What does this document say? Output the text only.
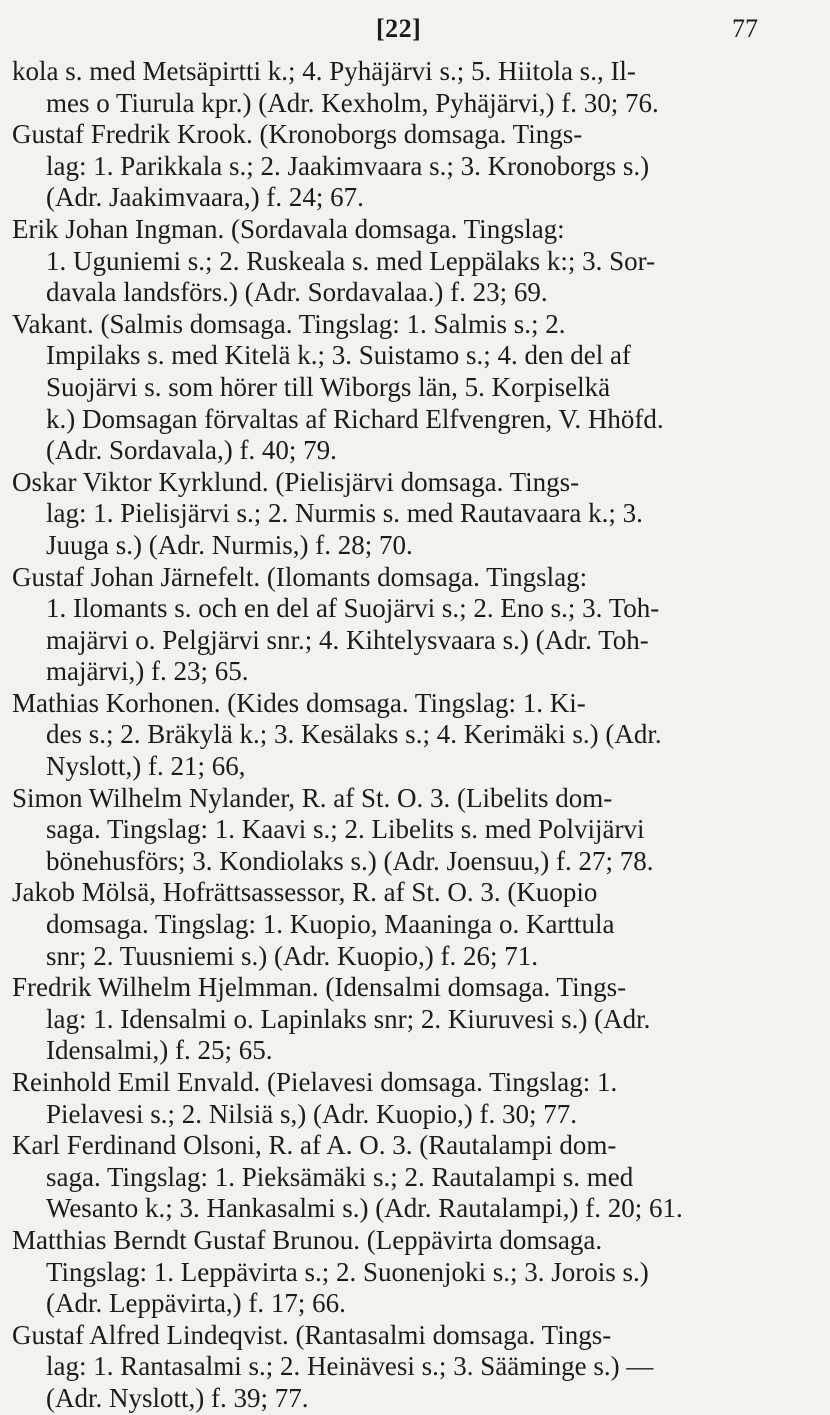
[22]	77
kola s. med Metsäpirtti k.; 4. Pyhäjärvi s.; 5. Hiitola s., Il-
mes o Tiurula kpr.) (Adr. Kexholm, Pyhäjärvi,) f. 30; 76.
Gustaf Fredrik Krook. (Kronoborgs domsaga. Tings-
lag: 1. Parikkala s.; 2. Jaakimvaara s.; 3. Kronoborgs s.)
(Adr. Jaakimvaara,) f. 24; 67.
Erik Johan Ingman. (Sordavala domsaga. Tingslag:
1. Uguniemi s.; 2. Ruskeala s. med Leppälaks k:; 3. Sor-
davala landsförs.) (Adr. Sordavalaa.) f. 23; 69.
Vakant. (Salmis domsaga. Tingslag: 1. Salmis s.; 2.
Impilaks s. med Kitelä k.; 3. Suistamo s.; 4. den del af
Suojärvi s. som hörer till Wiborgs län, 5. Korpiselkä
k.) Domsagan förvaltas af Richard Elfvengren, V. Hhöfd.
(Adr. Sordavala,) f. 40; 79.
Oskar Viktor Kyrklund. (Pielisjärvi domsaga. Tings-
lag: 1. Pielisjärvi s.; 2. Nurmis s. med Rautavaara k.; 3.
Juuga s.) (Adr. Nurmis,) f. 28; 70.
Gustaf Johan Järnefelt. (Ilomants domsaga. Tingslag:
1. Ilomants s. och en del af Suojärvi s.; 2. Eno s.; 3. Toh-
majärvi o. Pelgjärvi snr.; 4. Kihtelysvaara s.) (Adr. Toh-
majärvi,) f. 23; 65.
Mathias Korhonen. (Kides domsaga. Tingslag: 1. Ki-
des s.; 2. Bräkylä k.; 3. Kesälaks s.; 4. Kerimäki s.) (Adr.
Nyslott,) f. 21; 66,
Simon Wilhelm Nylander, R. af St. O. 3. (Libelits dom-
saga. Tingslag: 1. Kaavi s.; 2. Libelits s. med Polvijärvi
bönehusförs; 3. Kondiolaks s.) (Adr. Joensuu,) f. 27; 78.
Jakob Mölsä, Hofrättsassessor, R. af St. O. 3. (Kuopio
domsaga. Tingslag: 1. Kuopio, Maaninga o. Karttula
snr; 2. Tuusniemi s.) (Adr. Kuopio,) f. 26; 71.
Fredrik Wilhelm Hjelmman. (Idensalmi domsaga. Tings-
lag: 1. Idensalmi o. Lapinlaks snr; 2. Kiuruvesi s.) (Adr.
Idensalmi,) f. 25; 65.
Reinhold Emil Envald. (Pielavesi domsaga. Tingslag: 1.
Pielavesi s.; 2. Nilsiä s,) (Adr. Kuopio,) f. 30; 77.
Karl Ferdinand Olsoni, R. af A. O. 3. (Rautalampi dom-
saga. Tingslag: 1. Pieksämäki s.; 2. Rautalampi s. med
Wesanto k.; 3. Hankasalmi s.) (Adr. Rautalampi,) f. 20; 61.
Matthias Berndt Gustaf Brunou. (Leppävirta domsaga.
Tingslag: 1. Leppävirta s.; 2. Suonenjoki s.; 3. Jorois s.)
(Adr. Leppävirta,) f. 17; 66.
Gustaf Alfred Lindeqvist. (Rantasalmi domsaga. Tings-
lag: 1. Rantasalmi s.; 2. Heinävesi s.; 3. Sääminge s.) —
(Adr. Nyslott,) f. 39; 77.
